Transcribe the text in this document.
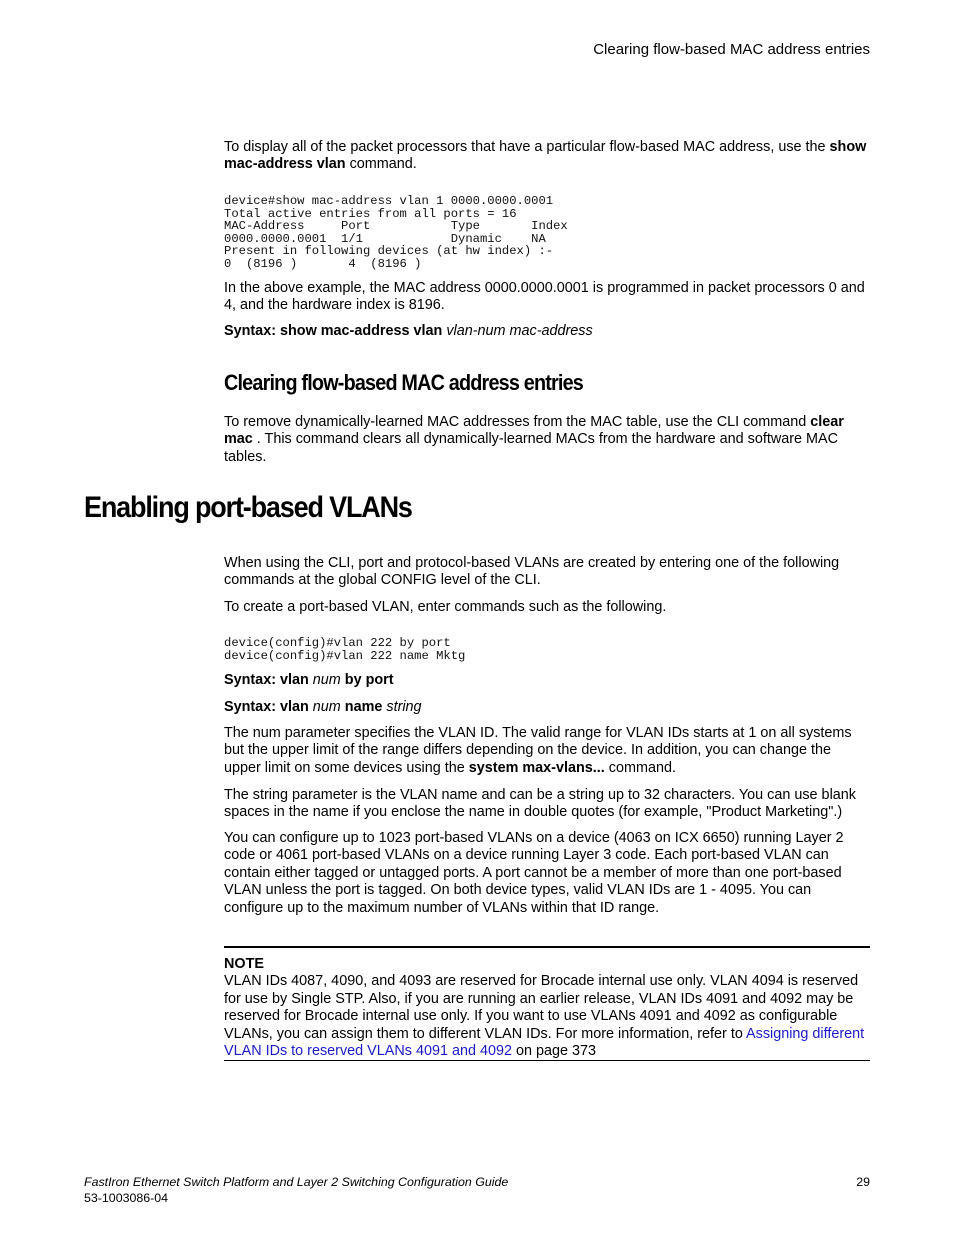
Clearing flow-based MAC address entries
To display all of the packet processors that have a particular flow-based MAC address, use the show mac-address vlan command.
device#show mac-address vlan 1 0000.0000.0001
Total active entries from all ports = 16
MAC-Address     Port           Type       Index
0000.0000.0001  1/1            Dynamic    NA
Present in following devices (at hw index) :-
0  (8196 )       4  (8196 )
In the above example, the MAC address 0000.0000.0001 is programmed in packet processors 0 and 4, and the hardware index is 8196.
Syntax: show mac-address vlan vlan-num mac-address
Clearing flow-based MAC address entries
To remove dynamically-learned MAC addresses from the MAC table, use the CLI command clear mac . This command clears all dynamically-learned MACs from the hardware and software MAC tables.
Enabling port-based VLANs
When using the CLI, port and protocol-based VLANs are created by entering one of the following commands at the global CONFIG level of the CLI.
To create a port-based VLAN, enter commands such as the following.
device(config)#vlan 222 by port
device(config)#vlan 222 name Mktg
Syntax: vlan num by port
Syntax: vlan num name string
The num parameter specifies the VLAN ID. The valid range for VLAN IDs starts at 1 on all systems but the upper limit of the range differs depending on the device. In addition, you can change the upper limit on some devices using the system max-vlans... command.
The string parameter is the VLAN name and can be a string up to 32 characters. You can use blank spaces in the name if you enclose the name in double quotes (for example, "Product Marketing".)
You can configure up to 1023 port-based VLANs on a device (4063 on ICX 6650) running Layer 2 code or 4061 port-based VLANs on a device running Layer 3 code. Each port-based VLAN can contain either tagged or untagged ports. A port cannot be a member of more than one port-based VLAN unless the port is tagged. On both device types, valid VLAN IDs are 1 - 4095. You can configure up to the maximum number of VLANs within that ID range.
NOTE
VLAN IDs 4087, 4090, and 4093 are reserved for Brocade internal use only. VLAN 4094 is reserved for use by Single STP. Also, if you are running an earlier release, VLAN IDs 4091 and 4092 may be reserved for Brocade internal use only. If you want to use VLANs 4091 and 4092 as configurable VLANs, you can assign them to different VLAN IDs. For more information, refer to Assigning different VLAN IDs to reserved VLANs 4091 and 4092 on page 373
FastIron Ethernet Switch Platform and Layer 2 Switching Configuration Guide
53-1003086-04
29
